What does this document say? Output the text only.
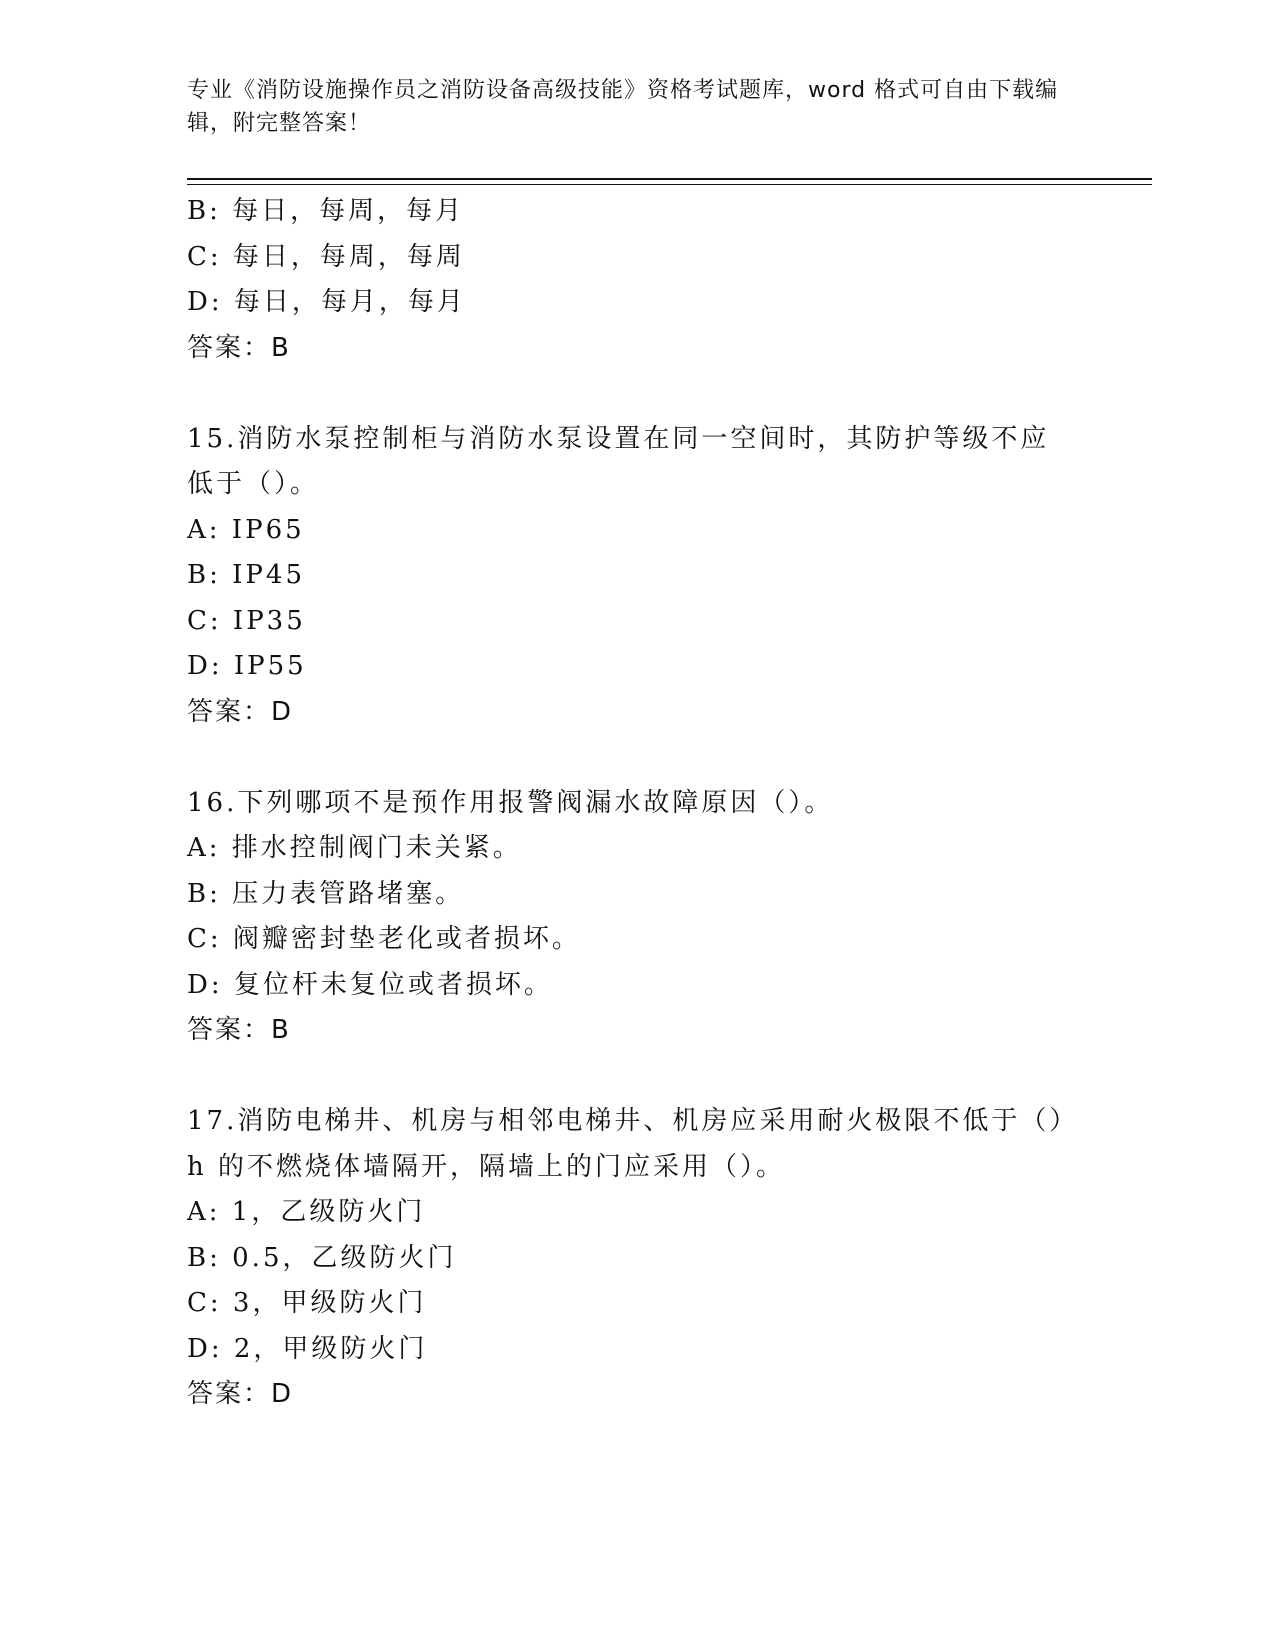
专业《消防设施操作员之消防设备高级技能》资格考试题库，word 格式可自由下载编辑，附完整答案！
B: 每日，每周，每月
C: 每日，每周，每周
D: 每日，每月，每月
答案：B
15.消防水泵控制柜与消防水泵设置在同一空间时，其防护等级不应低于（）。
A: IP65
B: IP45
C: IP35
D: IP55
答案：D
16.下列哪项不是预作用报警阀漏水故障原因（）。
A: 排水控制阀门未关紧。
B: 压力表管路堵塞。
C: 阀瓣密封垫老化或者损坏。
D: 复位杆未复位或者损坏。
答案：B
17.消防电梯井、机房与相邻电梯井、机房应采用耐火极限不低于（）h 的不燃烧体墙隔开，隔墙上的门应采用（）。
A: 1，乙级防火门
B: 0.5，乙级防火门
C: 3，甲级防火门
D: 2，甲级防火门
答案：D
